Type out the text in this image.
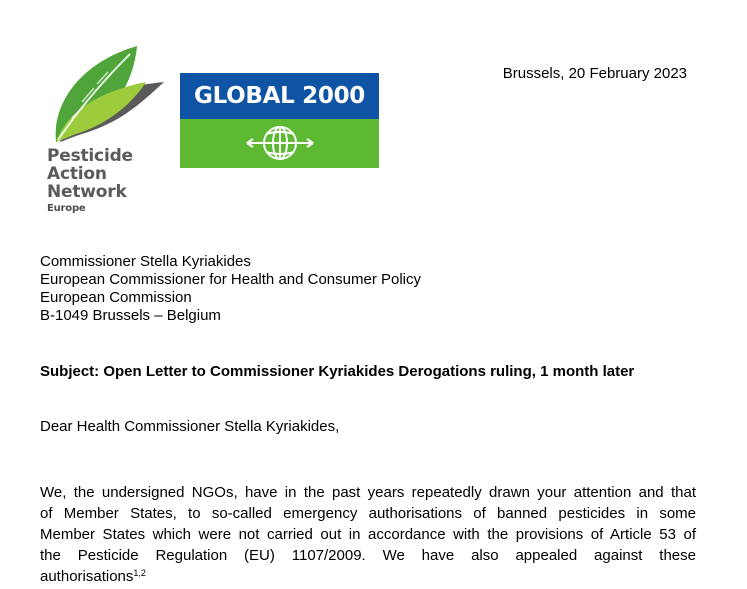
Pesticide
Action
Network
Europe
GLOBAL 2000
Brussels, 20 February 2023
Commissioner Stella Kyriakides
European Commissioner for Health and Consumer Policy
European Commission
B-1049 Brussels – Belgium
Subject: Open Letter to Commissioner Kyriakides Derogations ruling, 1 month later
Dear Health Commissioner Stella Kyriakides,
We, the undersigned NGOs, have in the past years repeatedly drawn your attention and that
of Member States, to so-called emergency authorisations of banned pesticides in some
Member States which were not carried out in accordance with the provisions of Article 53 of
the Pesticide Regulation (EU) 1107/2009. We have also appealed against these
authorisations$^{1,2}$
